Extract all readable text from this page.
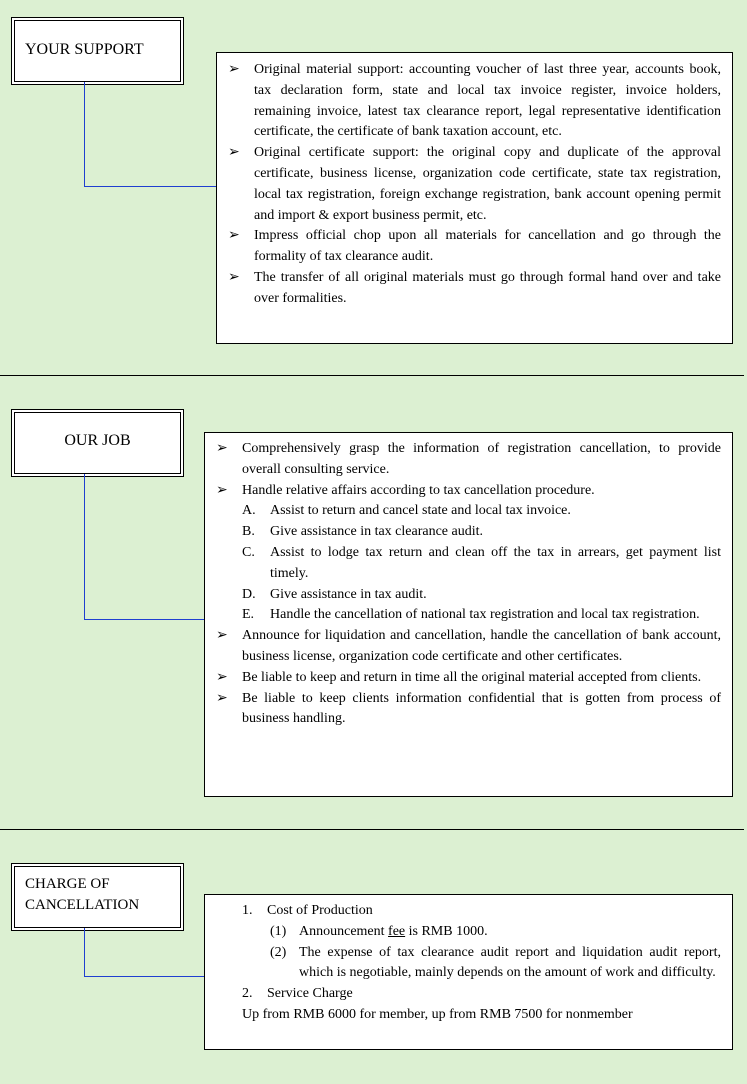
YOUR SUPPORT
➢	Original material support: accounting voucher of last three year, accounts book, tax declaration form, state and local tax invoice register, invoice holders, remaining invoice, latest tax clearance report, legal representative identification certificate, the certificate of bank taxation account, etc.
➢	Original certificate support: the original copy and duplicate of the approval certificate, business license, organization code certificate, state tax registration, local tax registration, foreign exchange registration, bank account opening permit and import & export business permit, etc.
➢	Impress official chop upon all materials for cancellation and go through the formality of tax clearance audit.
➢	The transfer of all original materials must go through formal hand over and take over formalities.
OUR JOB	➢	Comprehensively grasp the information of registration cancellation, to provide overall consulting service.
➢	Handle relative affairs according to tax cancellation procedure.
A.	Assist to return and cancel state and local tax invoice.
B.	Give assistance in tax clearance audit.
C.	Assist to lodge tax return and clean off the tax in arrears, get payment list timely.
D.	Give assistance in tax audit.
E.	Handle the cancellation of national tax registration and local tax registration.
➢	Announce for liquidation and cancellation, handle the cancellation of bank account, business license, organization code certificate and other certificates.
➢	Be liable to keep and return in time all the original material accepted from clients.
➢	Be liable to keep clients information confidential that is gotten from process of business handling.
CHARGE OF
CANCELLATION	1.	Cost of Production
(1) Announcement fee is RMB 1000.
(2) The expense of tax clearance audit report and liquidation audit report, which is negotiable, mainly depends on the amount of work and difficulty.
2.	Service Charge
Up from RMB 6000 for member, up from RMB 7500 for nonmember
